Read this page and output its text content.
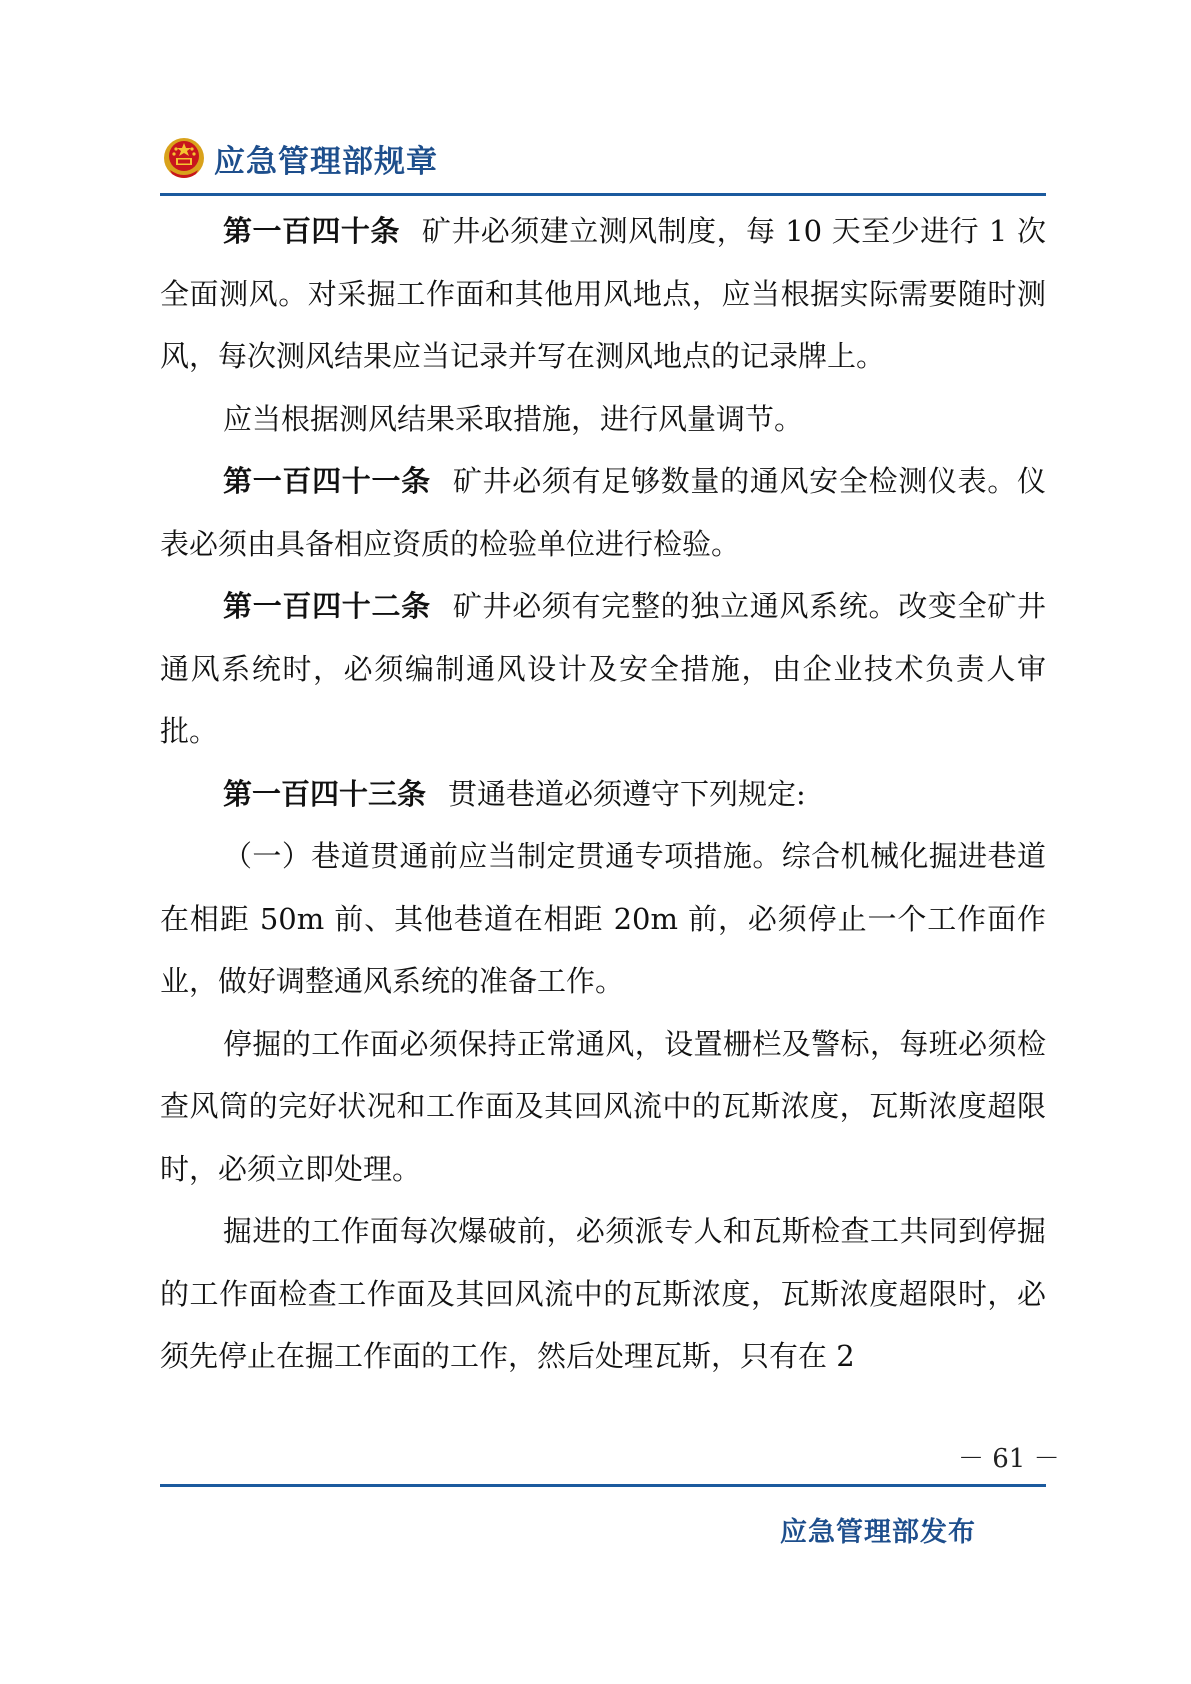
应急管理部规章

第一百四十条 矿井必须建立测风制度，每 10 天至少进行 1 次全面测风。对采掘工作面和其他用风地点，应当根据实际需要随时测风，每次测风结果应当记录并写在测风地点的记录牌上。

应当根据测风结果采取措施，进行风量调节。

第一百四十一条 矿井必须有足够数量的通风安全检测仪表。仪表必须由具备相应资质的检验单位进行检验。

第一百四十二条 矿井必须有完整的独立通风系统。改变全矿井通风系统时，必须编制通风设计及安全措施，由企业技术负责人审批。

第一百四十三条 贯通巷道必须遵守下列规定:

（一）巷道贯通前应当制定贯通专项措施。综合机械化掘进巷道在相距 50m 前、其他巷道在相距 20m 前，必须停止一个工作面作业，做好调整通风系统的准备工作。

停掘的工作面必须保持正常通风，设置栅栏及警标，每班必须检查风筒的完好状况和工作面及其回风流中的瓦斯浓度，瓦斯浓度超限时，必须立即处理。

掘进的工作面每次爆破前，必须派专人和瓦斯检查工共同到停掘的工作面检查工作面及其回风流中的瓦斯浓度，瓦斯浓度超限时，必须先停止在掘工作面的工作，然后处理瓦斯，只有在 2

－ 61 －
应急管理部发布
